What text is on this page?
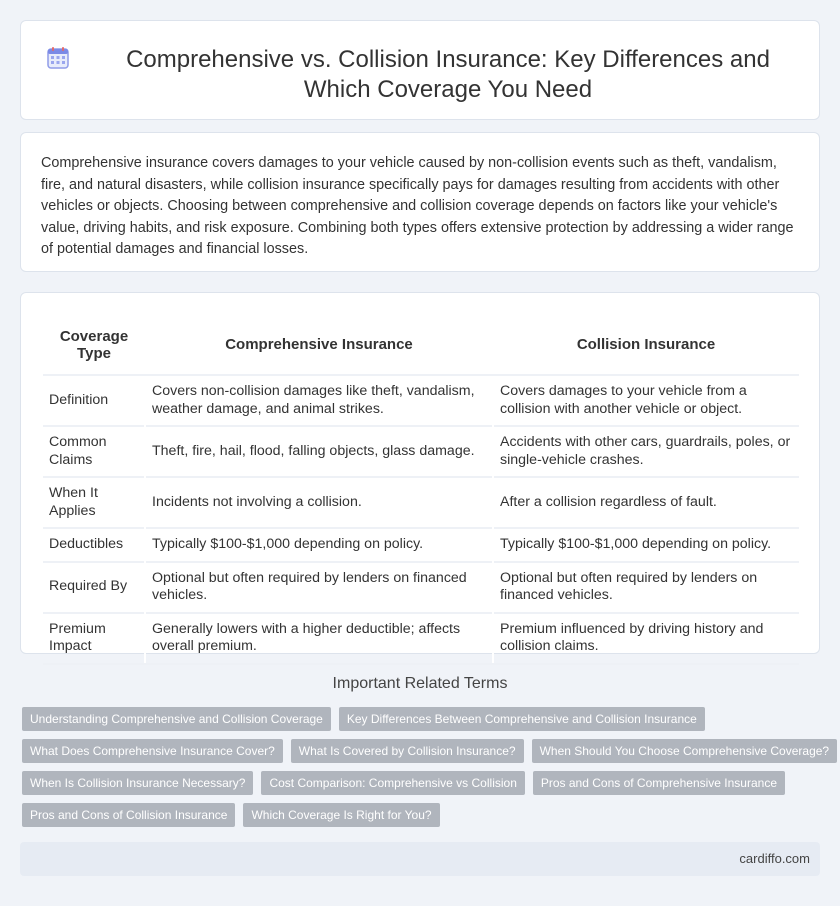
Comprehensive vs. Collision Insurance: Key Differences and Which Coverage You Need

Comprehensive insurance covers damages to your vehicle caused by non-collision events such as theft, vandalism, fire, and natural disasters, while collision insurance specifically pays for damages resulting from accidents with other vehicles or objects. Choosing between comprehensive and collision coverage depends on factors like your vehicle's value, driving habits, and risk exposure. Combining both types offers extensive protection by addressing a wider range of potential damages and financial losses.

Coverage Type	Comprehensive Insurance	Collision Insurance
Definition	Covers non-collision damages like theft, vandalism, weather damage, and animal strikes.	Covers damages to your vehicle from a collision with another vehicle or object.
Common Claims	Theft, fire, hail, flood, falling objects, glass damage.	Accidents with other cars, guardrails, poles, or single-vehicle crashes.
When It Applies	Incidents not involving a collision.	After a collision regardless of fault.
Deductibles	Typically $100-$1,000 depending on policy.	Typically $100-$1,000 depending on policy.
Required By	Optional but often required by lenders on financed vehicles.	Optional but often required by lenders on financed vehicles.
Premium Impact	Generally lowers with a higher deductible; affects overall premium.	Premium influenced by driving history and collision claims.
Important Related Terms
Understanding Comprehensive and Collision Coverage	Key Differences Between Comprehensive and Collision Insurance
What Does Comprehensive Insurance Cover?	What Is Covered by Collision Insurance?	When Should You Choose Comprehensive Coverage?
When Is Collision Insurance Necessary?	Cost Comparison: Comprehensive vs Collision	Pros and Cons of Comprehensive Insurance
Pros and Cons of Collision Insurance	Which Coverage Is Right for You?
cardiffo.com
